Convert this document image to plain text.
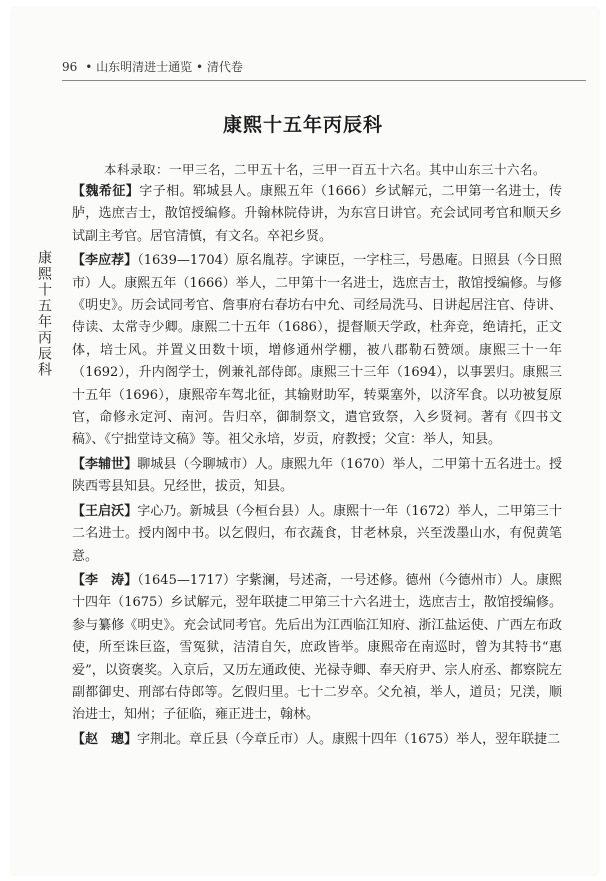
96 • 山东明清进士通览 • 清代卷
康熙十五年丙辰科
康熙十五年丙辰科
本科录取：一甲三名，二甲五十名，三甲一百五十六名。其中山东三十六名。

【魏希征】字子相。郓城县人。康熙五年（1666）乡试解元，二甲第一名进士，传胪，选庶吉士，散馆授编修。升翰林院侍讲，为东宫日讲官。充会试同考官和顺天乡试副主考官。居官清慎，有文名。卒祀乡贤。

【李应荐】（1639—1704）原名胤荐。字谏臣，一字柱三，号愚庵。日照县（今日照市）人。康熙五年（1666）举人，二甲第十一名进士，选庶吉士，散馆授编修。与修《明史》。历会试同考官、詹事府右春坊右中允、司经局洗马、日讲起居注官、侍讲、侍读、太常寺少卿。康熙二十五年（1686），提督顺天学政，杜奔竞，绝请托，正文体，培士风。并置义田数十顷，增修通州学棚，被八郡勒石赞颂。康熙三十一年（1692），升内阁学士，例兼礼部侍郎。康熙三十三年（1694），以事罢归。康熙三十五年（1696），康熙帝车驾北征，其输财助军，转粟塞外，以济军食。以功被复原官，命修永定河、南河。告归卒，御制祭文，遣官致祭，入乡贤祠。著有《四书文稿》、《宁拙堂诗文稿》等。祖父永培，岁贡，府教授；父宣：举人，知县。

【李辅世】聊城县（今聊城市）人。康熙九年（1670）举人，二甲第十五名进士。授陕西雩县知县。兄经世，拔贡，知县。

【王启沃】字心乃。新城县（今桓台县）人。康熙十一年（1672）举人，二甲第三十二名进士。授内阁中书。以乞假归，布衣蔬食，甘老林泉，兴至泼墨山水，有倪黄笔意。

【李　涛】（1645—1717）字紫澜，号述斋，一号述修。德州（今德州市）人。康熙十四年（1675）乡试解元，翌年联捷二甲第三十六名进士，选庶吉士，散馆授编修。参与纂修《明史》。充会试同考官。先后出为江西临江知府、浙江盐运使、广西左布政使，所至诛巨盗，雪冤狱，洁清自矢，庶政皆举。康熙帝在南巡时，曾为其特书“惠爱”，以资褒奖。入京后，又历左通政使、光禄寺卿、奉天府尹、宗人府丞、都察院左副都御史、刑部右侍郎等。乞假归里。七十二岁卒。父允禎，举人，道员；兄渼，顺治进士，知州；子征临，雍正进士，翰林。

【赵　璁】字荆北。章丘县（今章丘市）人。康熙十四年（1675）举人，翌年联捷二
